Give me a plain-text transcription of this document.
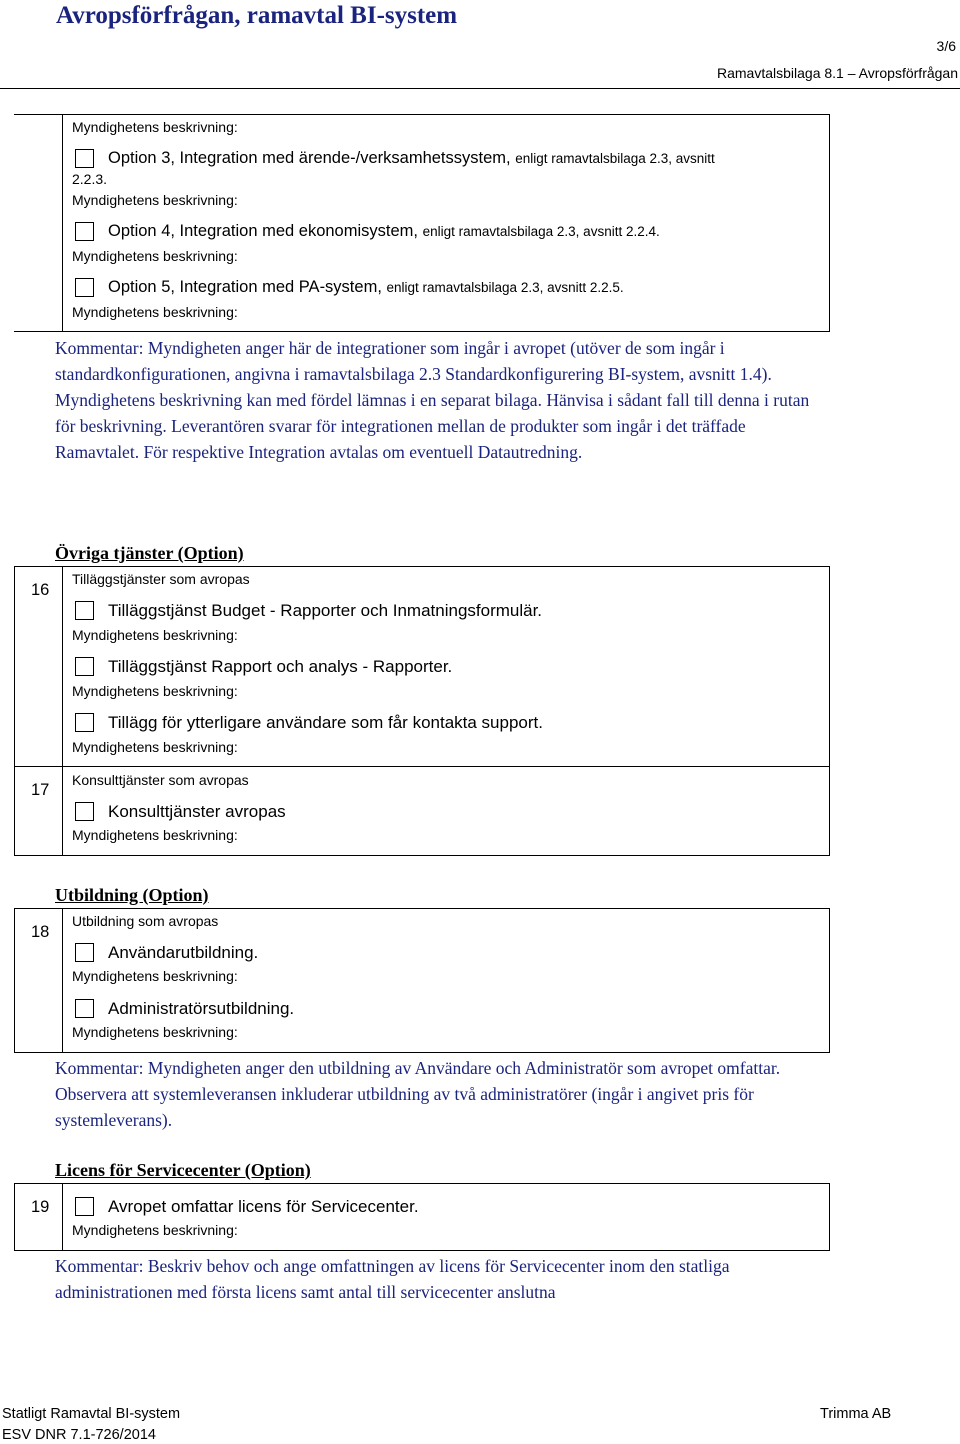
Avropsförfrågan, ramavtal BI-system
3/6
Ramavtalsbilaga 8.1 – Avropsförfrågan
Myndighetens beskrivning:
Option 3, Integration med ärende-/verksamhetssystem, enligt ramavtalsbilaga 2.3, avsnitt
2.2.3.
Myndighetens beskrivning:
Option 4, Integration med ekonomisystem, enligt ramavtalsbilaga 2.3, avsnitt 2.2.4.
Myndighetens beskrivning:
Option 5, Integration med PA-system, enligt ramavtalsbilaga 2.3, avsnitt 2.2.5.
Myndighetens beskrivning:
Kommentar: Myndigheten anger här de integrationer som ingår i avropet (utöver de som ingår i standardkonfigurationen, angivna i ramavtalsbilaga 2.3 Standardkonfigurering BI-system, avsnitt 1.4). Myndighetens beskrivning kan med fördel lämnas i en separat bilaga. Hänvisa i sådant fall till denna i rutan för beskrivning. Leverantören svarar för integrationen mellan de produkter som ingår i det träffade Ramavtalet. För respektive Integration avtalas om eventuell Datautredning.
Övriga tjänster (Option)
16
Tilläggstjänster som avropas
Tilläggstjänst Budget - Rapporter och Inmatningsformulär.
Myndighetens beskrivning:
Tilläggstjänst Rapport och analys - Rapporter.
Myndighetens beskrivning:
Tillägg för ytterligare användare som får kontakta support.
Myndighetens beskrivning:
17
Konsulttjänster som avropas
Konsulttjänster avropas
Myndighetens beskrivning:
Utbildning (Option)
18
Utbildning som avropas
Användarutbildning.
Myndighetens beskrivning:
Administratörsutbildning.
Myndighetens beskrivning:
Kommentar: Myndigheten anger den utbildning av Användare och Administratör som avropet omfattar. Observera att systemleveransen inkluderar utbildning av två administratörer (ingår i angivet pris för systemleverans).
Licens för Servicecenter (Option)
19	Avropet omfattar licens för Servicecenter.
Myndighetens beskrivning:
Kommentar: Beskriv behov och ange omfattningen av licens för Servicecenter inom den statliga administrationen med första licens samt antal till servicecenter anslutna
Statligt Ramavtal BI-system
ESV DNR 7.1-726/2014
Trimma AB
